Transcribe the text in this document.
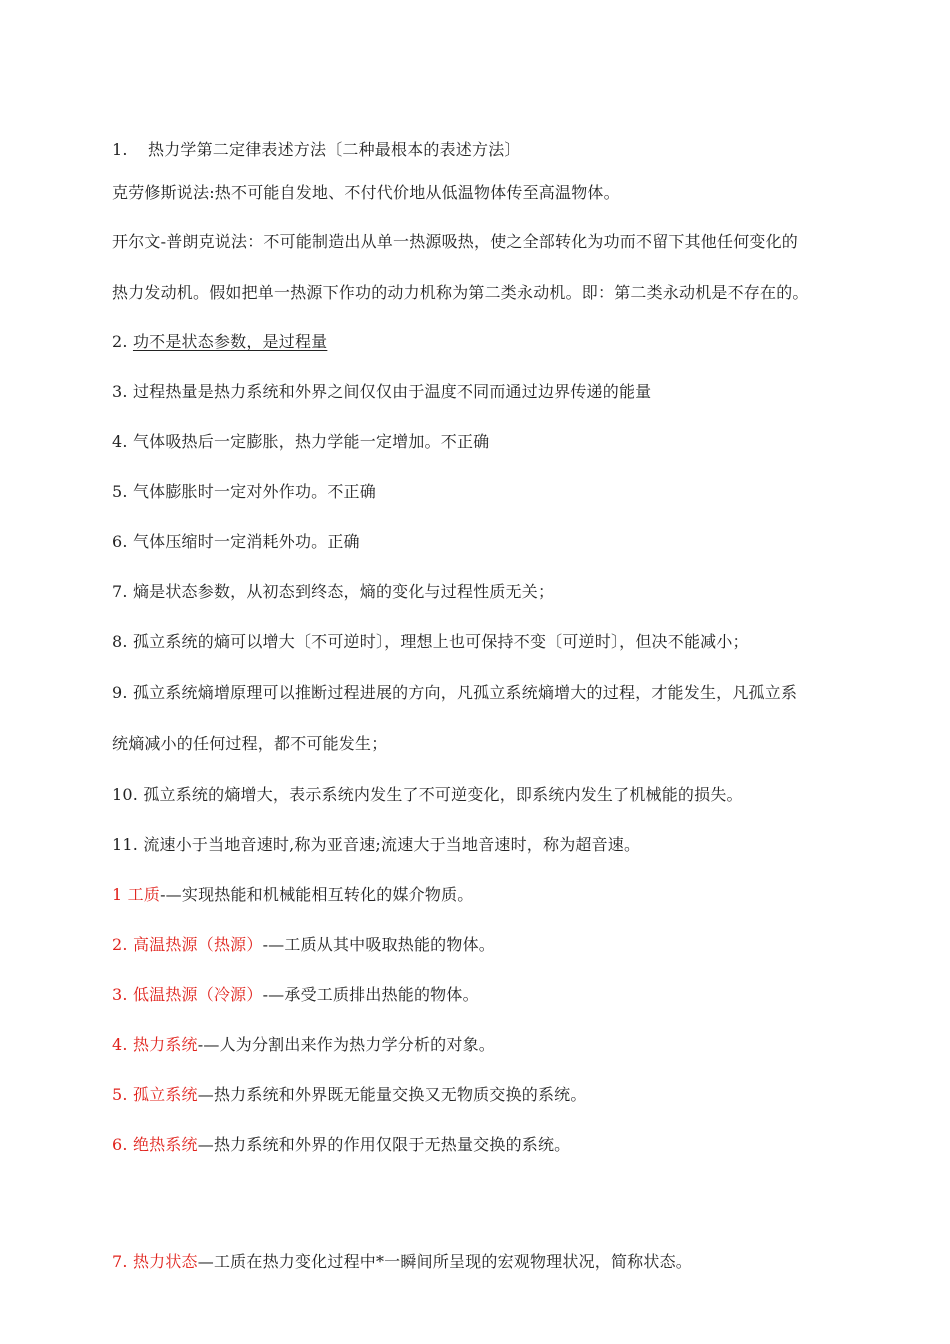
1. 热力学第二定律表述方法〔二种最根本的表述方法〕
克劳修斯说法:热不可能自发地、不付代价地从低温物体传至高温物体。
开尔文-普朗克说法：不可能制造出从单一热源吸热，使之全部转化为功而不留下其他任何变化的
热力发动机。假如把单一热源下作功的动力机称为第二类永动机。即：第二类永动机是不存在的。
2. 功不是状态参数，是过程量
3. 过程热量是热力系统和外界之间仅仅由于温度不同而通过边界传递的能量
4. 气体吸热后一定膨胀，热力学能一定增加。不正确
5. 气体膨胀时一定对外作功。不正确
6. 气体压缩时一定消耗外功。正确
7. 熵是状态参数，从初态到终态，熵的变化与过程性质无关；
8. 孤立系统的熵可以增大〔不可逆时〕，理想上也可保持不变〔可逆时〕，但决不能减小；
9. 孤立系统熵增原理可以推断过程进展的方向，凡孤立系统熵增大的过程，才能发生，凡孤立系
统熵减小的任何过程，都不可能发生；
10. 孤立系统的熵增大，表示系统内发生了不可逆变化，即系统内发生了机械能的损失。
11. 流速小于当地音速时,称为亚音速;流速大于当地音速时，称为超音速。
1 工质-—实现热能和机械能相互转化的媒介物质。
2. 高温热源（热源）-—工质从其中吸取热能的物体。
3. 低温热源（冷源）-—承受工质排出热能的物体。
4. 热力系统-—人为分割出来作为热力学分析的对象。
5. 孤立系统—热力系统和外界既无能量交换又无物质交换的系统。
6. 绝热系统—热力系统和外界的作用仅限于无热量交换的系统。
7. 热力状态—工质在热力变化过程中*一瞬间所呈现的宏观物理状况，简称状态。
